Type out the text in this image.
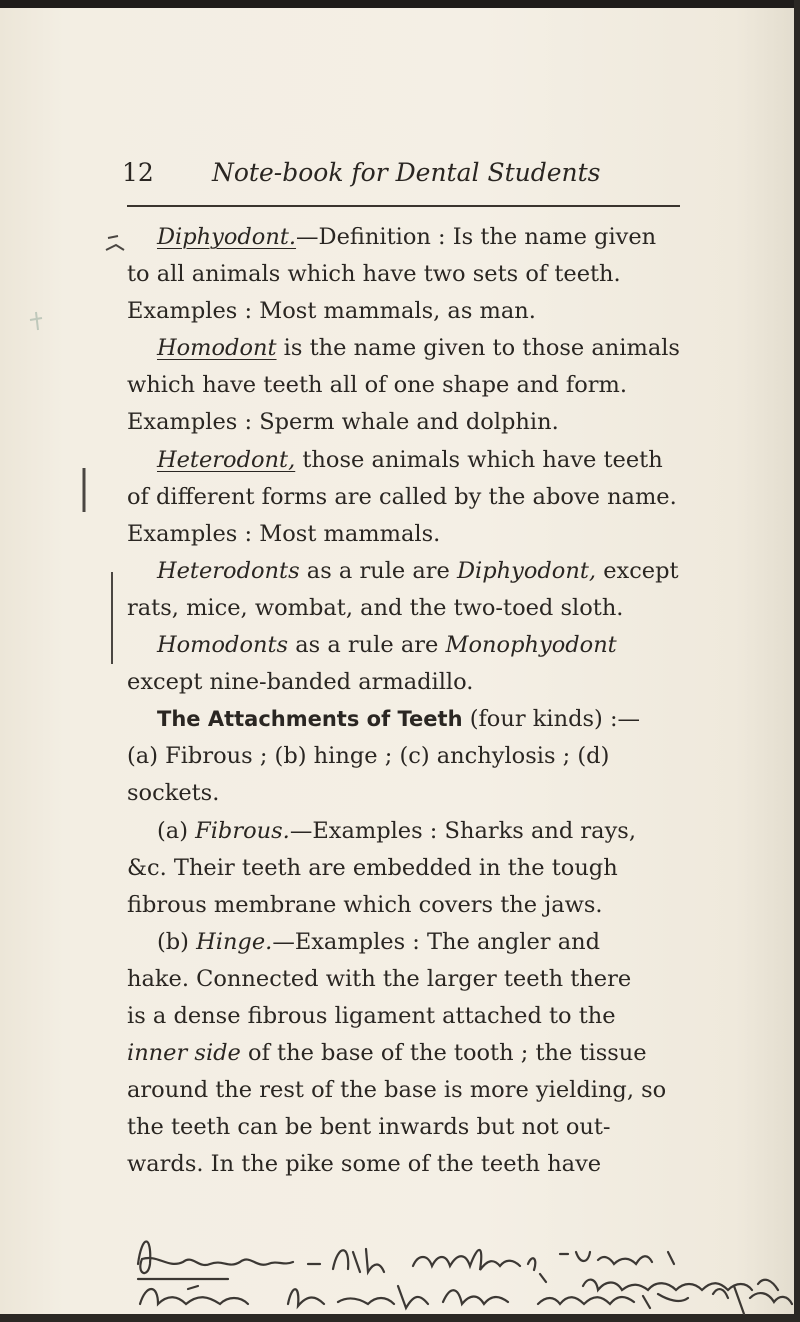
12	Note-book for Dental Students
Diphyodont.—Definition : Is the name given
to all animals which have two sets of teeth.
Examples : Most mammals, as man.
Homodont is the name given to those animals
which have teeth all of one shape and form.
Examples : Sperm whale and dolphin.
Heterodont, those animals which have teeth
of different forms are called by the above name.
Examples : Most mammals.
Heterodonts as a rule are Diphyodont, except
rats, mice, wombat, and the two-toed sloth.
Homodonts as a rule are Monophyodont
except nine-banded armadillo.
The Attachments of Teeth (four kinds) :—
(a) Fibrous ; (b) hinge ; (c) anchylosis ; (d)
sockets.
(a) Fibrous.—Examples : Sharks and rays,
&c. Their teeth are embedded in the tough
fibrous membrane which covers the jaws.
(b) Hinge.—Examples : The angler and
hake. Connected with the larger teeth there
is a dense fibrous ligament attached to the
inner side of the base of the tooth ; the tissue
around the rest of the base is more yielding, so
the teeth can be bent inwards but not out-
wards. In the pike some of the teeth have
